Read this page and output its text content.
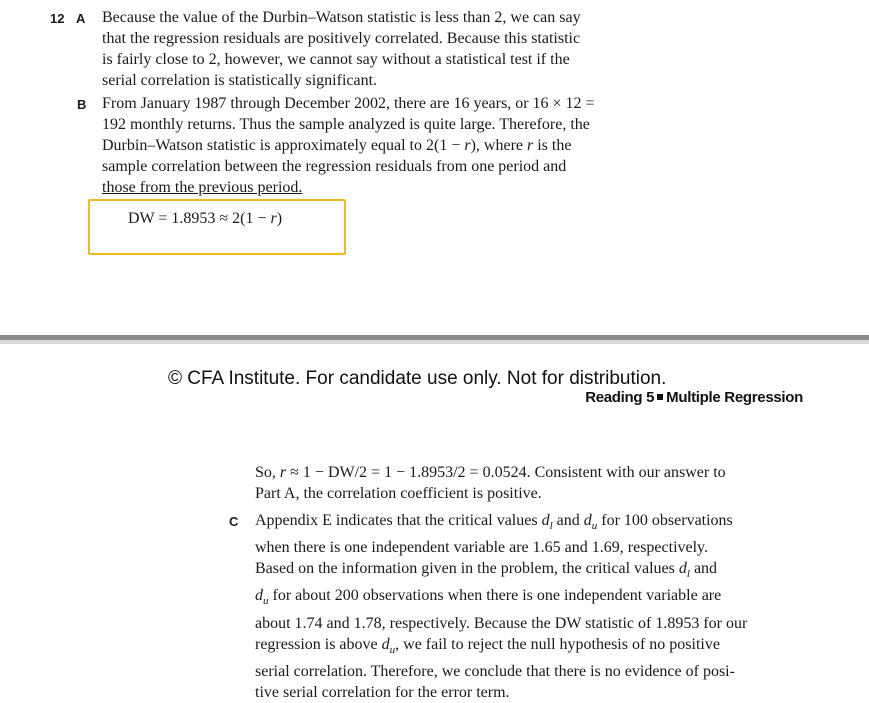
12 A Because the value of the Durbin–Watson statistic is less than 2, we can say
that the regression residuals are positively correlated. Because this statistic
is fairly close to 2, however, we cannot say without a statistical test if the
serial correlation is statistically significant.
B From January 1987 through December 2002, there are 16 years, or 16 × 12 =
192 monthly returns. Thus the sample analyzed is quite large. Therefore, the
Durbin–Watson statistic is approximately equal to 2(1 − r), where r is the
sample correlation between the regression residuals from one period and
those from the previous period.
DW = 1.8953 ≈ 2(1 − r)
© CFA Institute. For candidate use only. Not for distribution.
Reading 5 Multiple Regression
So, r ≈ 1 − DW/2 = 1 − 1.8953/2 = 0.0524. Consistent with our answer to
Part A, the correlation coefficient is positive.
C Appendix E indicates that the critical values $d_l$ and $d_u$ for 100 observations
when there is one independent variable are 1.65 and 1.69, respectively.
Based on the information given in the problem, the critical values $d_l$ and
$d_u$ for about 200 observations when there is one independent variable are
about 1.74 and 1.78, respectively. Because the DW statistic of 1.8953 for our
regression is above $d_u$, we fail to reject the null hypothesis of no positive
serial correlation. Therefore, we conclude that there is no evidence of posi-
tive serial correlation for the error term.
